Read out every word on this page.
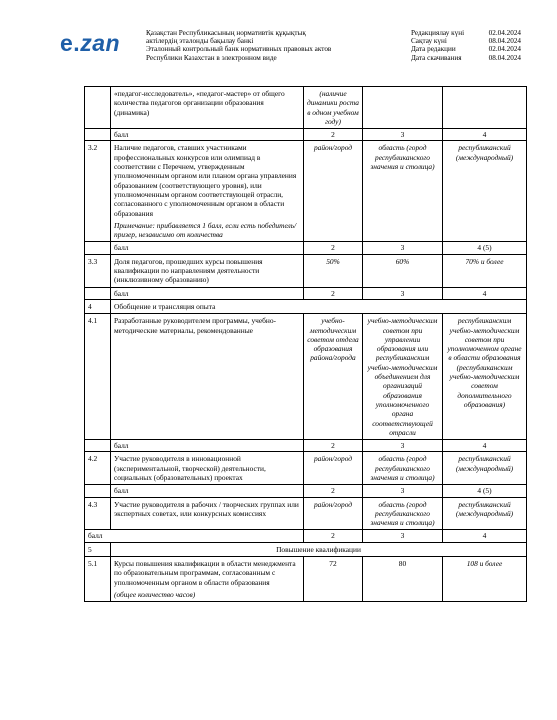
e.zan	Қазақстан Республикасының нормативтік құқықтық
актілердің эталонды бақылау банкі
Эталонный контрольный банк нормативных правовых актов
Республики Казахстан в электронном виде
Редакциялау күні	02.04.2024
Сақтау күні	08.04.2024
Дата редакции	02.04.2024
Дата скачивания	08.04.2024
	«педагог-исследователь», «педагог-мастер» от общего количества педагогов организации образования (динамика)	(наличие динамики роста в одном учебном году)		
	балл	2	3	4
3.2	Наличие педагогов, ставших участниками профессиональных конкурсов или олимпиад в соответствии с Перечнем, утвержденным уполномоченным органом или планом органа управления образованием (соответствующего уровня), или уполномоченным органом соответствующей отрасли, согласованного с уполномоченным органом в области образования
Примечание: прибавляется 1 балл, если есть победитель/призер, независимо от количества	район/город	область (город республиканского значения и столица)	республиканский (международный)
	балл	2	3	4 (5)
3.3	Доля педагогов, прошедших курсы повышения квалификации по направлениям деятельности (инклюзивному образованию)	50%	60%	70% и более
	балл	2	3	4
4	Обобщение и трансляция опыта			
4.1	Разработанные руководителем программы, учебно-методические материалы, рекомендованные	учебно-методическим советом отдела образования района/города	учебно-методическим советом при управлении образования или республиканским учебно-методическим объединением для организаций образования уполномоченного органа соответствующей отрасли	республиканским учебно-методическим советом при уполномоченном органе в области образования (республиканским учебно-методическим советом дополнительного образования)
	балл	2	3	4
4.2	Участие руководителя в инновационной (экспериментальной, творческой) деятельности, социальных (образовательных) проектах	район/город	область (город республиканского значения и столица)	республиканский (международный)
	балл	2	3	4 (5)
4.3	Участие руководителя в рабочих / творческих группах или экспертных советах, или конкурсных комиссиях	район/город	область (город республиканского значения и столица)	республиканский (международный)
балл		2	3	4
5	Повышение квалификации			
5.1	Курсы повышения квалификации в области менеджмента по образовательным программам, согласованным с уполномоченным органом в области образования
(общее количество часов)	72	80	108 и более
